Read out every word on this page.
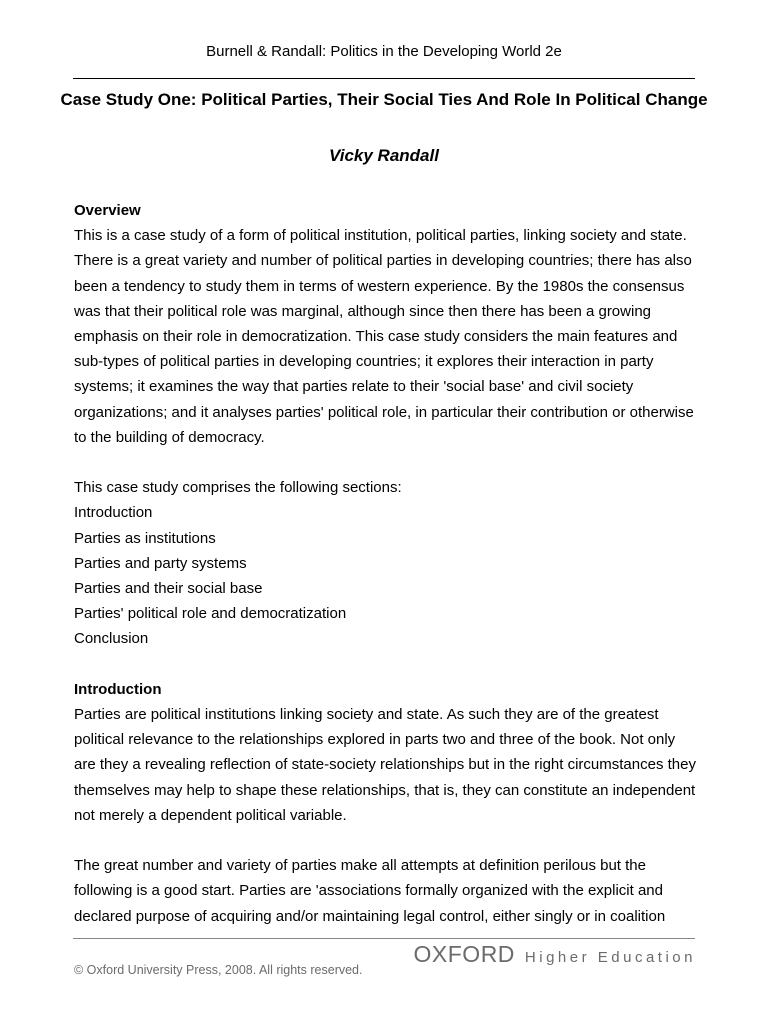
Burnell & Randall: Politics in the Developing World 2e
Case Study One: Political Parties, Their Social Ties And Role In Political Change
Vicky Randall
Overview

This is a case study of a form of political institution, political parties, linking society and state. There is a great variety and number of political parties in developing countries; there has also been a tendency to study them in terms of western experience. By the 1980s the consensus was that their political role was marginal, although since then there has been a growing emphasis on their role in democratization. This case study considers the main features and sub-types of political parties in developing countries; it explores their interaction in party systems; it examines the way that parties relate to their 'social base' and civil society organizations; and it analyses parties' political role, in particular their contribution or otherwise to the building of democracy.

This case study comprises the following sections:

Introduction
Parties as institutions
Parties and party systems
Parties and their social base
Parties' political role and democratization
Conclusion
Introduction

Parties are political institutions linking society and state. As such they are of the greatest political relevance to the relationships explored in parts two and three of the book. Not only are they a revealing reflection of state-society relationships but in the right circumstances they themselves may help to shape these relationships, that is, they can constitute an independent not merely a dependent political variable.

The great number and variety of parties make all attempts at definition perilous but the following is a good start. Parties are 'associations formally organized with the explicit and declared purpose of acquiring and/or maintaining legal control, either singly or in coalition

OXFORD Higher Education
© Oxford University Press, 2008. All rights reserved.
